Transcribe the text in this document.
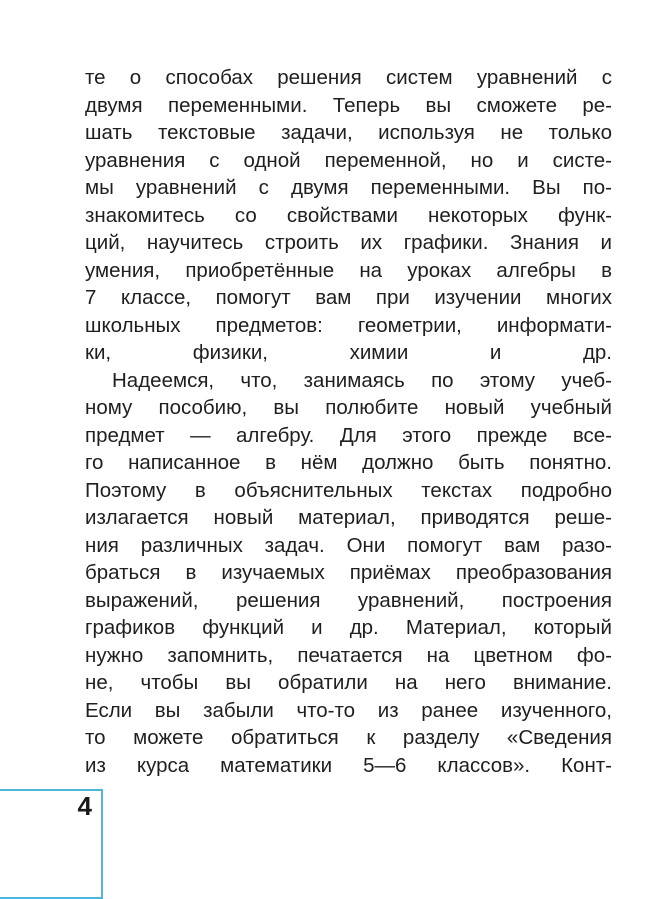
те о способах решения систем уравнений с
двумя переменными. Теперь вы сможете ре-
шать текстовые задачи, используя не только
уравнения с одной переменной, но и систе-
мы уравнений с двумя переменными. Вы по-
знакомитесь со свойствами некоторых функ-
ций, научитесь строить их графики. Знания и
умения, приобретённые на уроках алгебры в
7 классе, помогут вам при изучении многих
школьных предметов: геометрии, информати-
ки, физики, химии и др.
Надеемся, что, занимаясь по этому учеб-
ному пособию, вы полюбите новый учебный
предмет — алгебру. Для этого прежде все-
го написанное в нём должно быть понятно.
Поэтому в объяснительных текстах подробно
излагается новый материал, приводятся реше-
ния различных задач. Они помогут вам разо-
браться в изучаемых приёмах преобразования
выражений, решения уравнений, построения
графиков функций и др. Материал, который
нужно запомнить, печатается на цветном фо-
не, чтобы вы обратили на него внимание.
Если вы забыли что-то из ранее изученного,
то можете обратиться к разделу «Сведения
из курса математики 5—6 классов». Конт-
4
